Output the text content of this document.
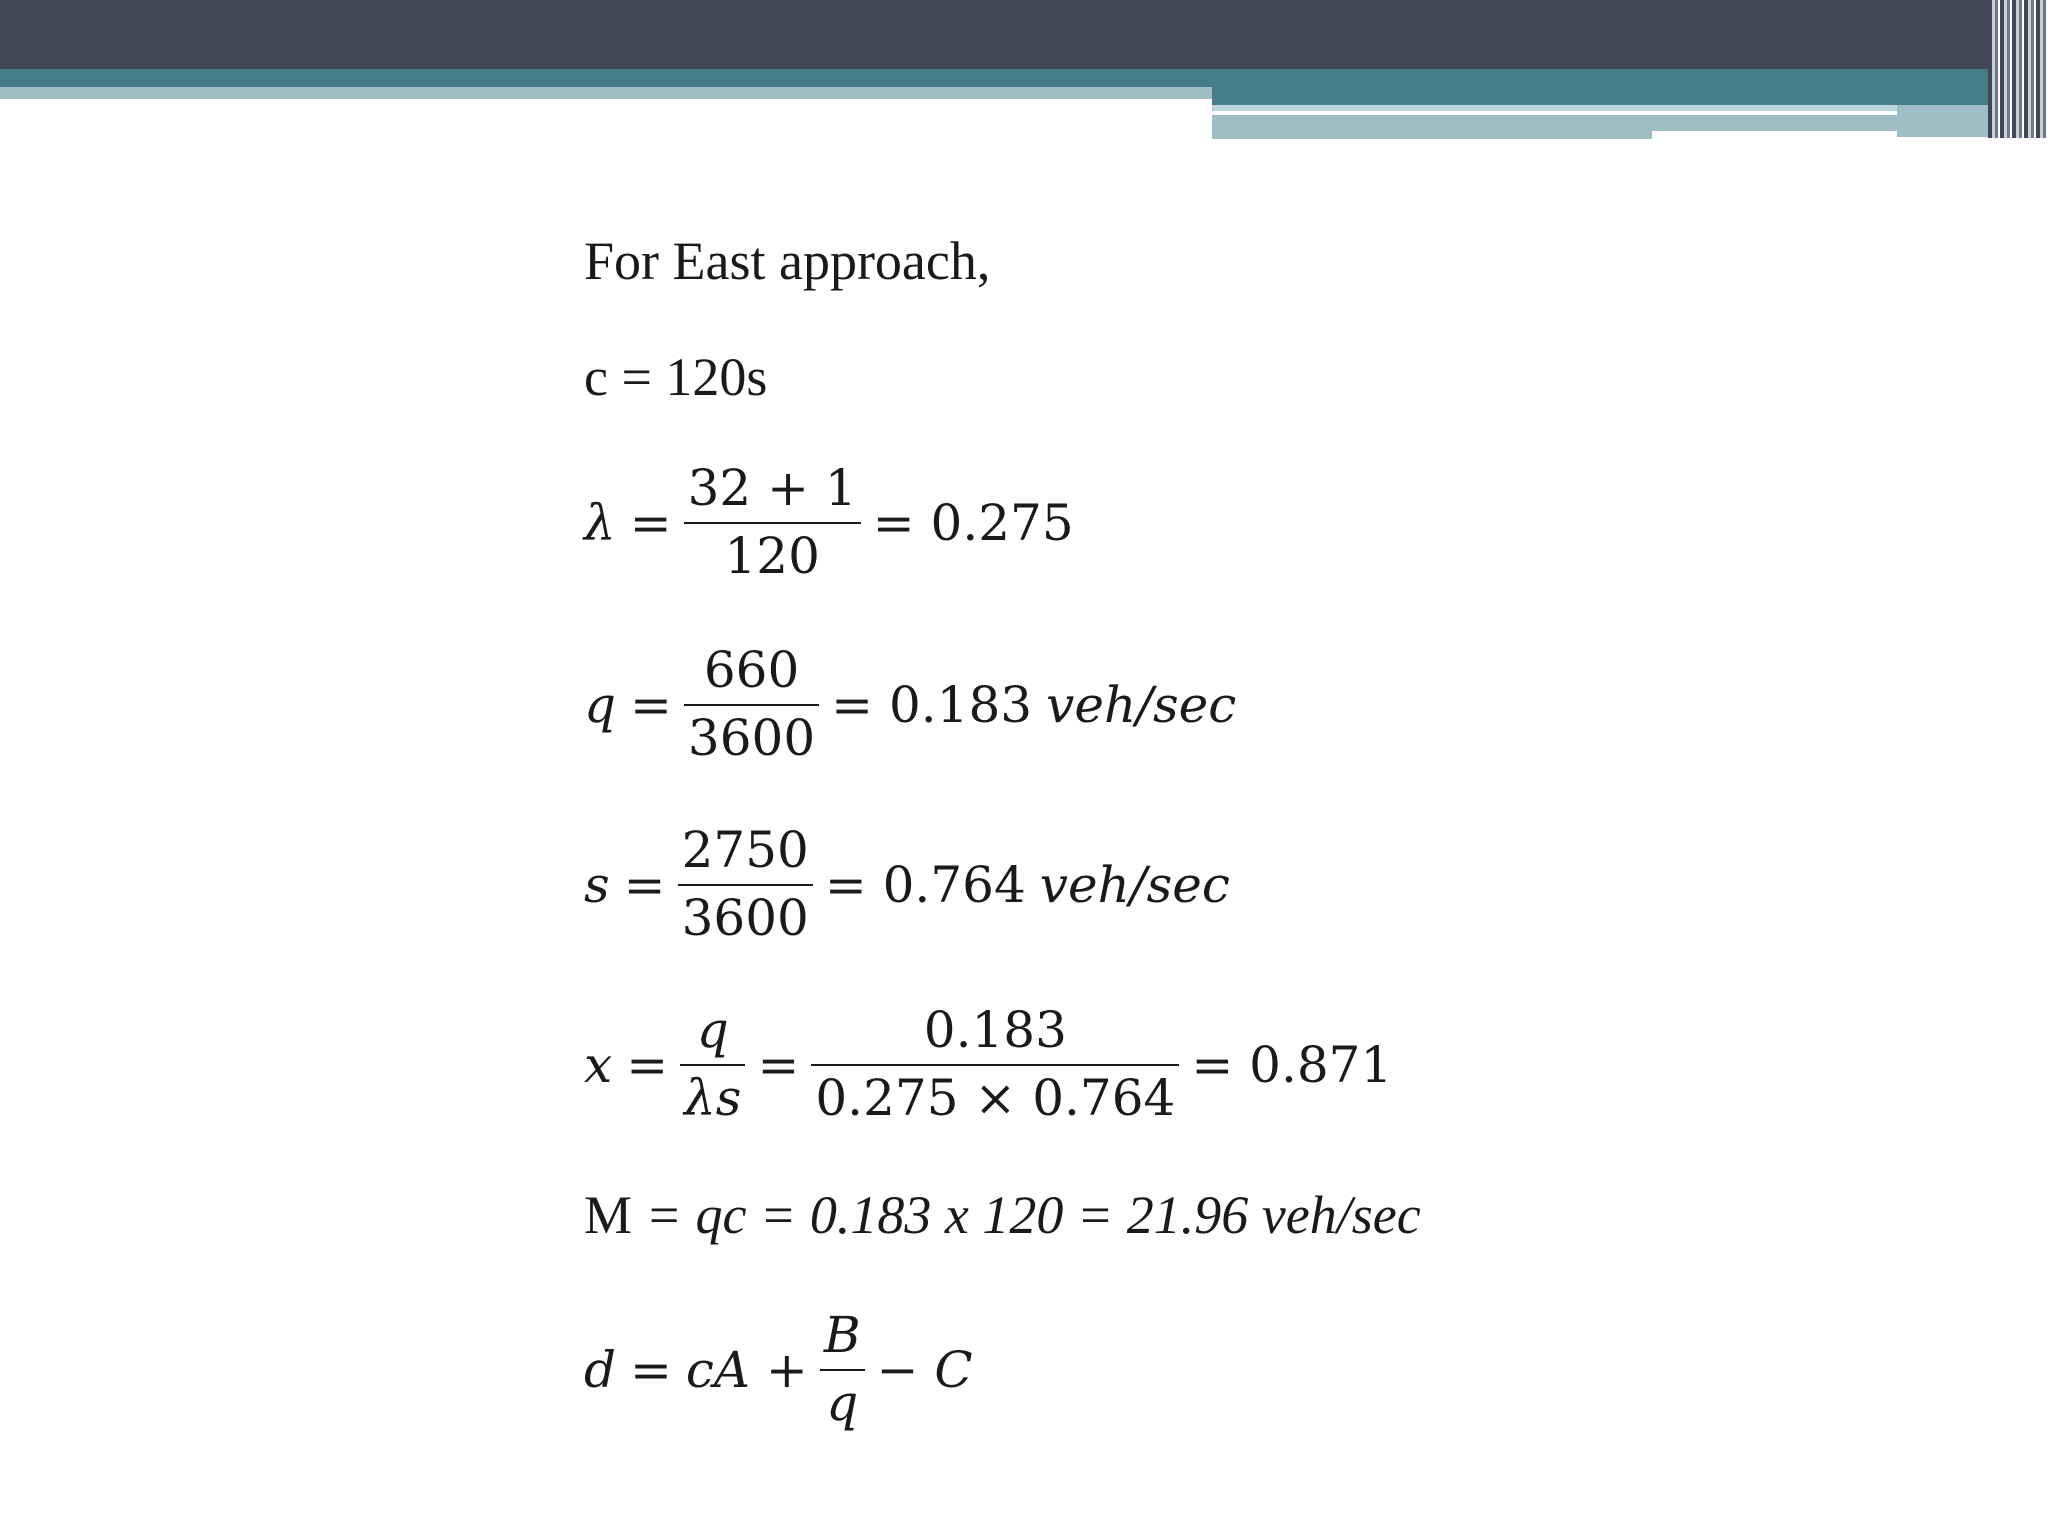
For East approach,
c = 120s
$\lambda = \frac{32 + 1}{120} = 0.275$
$q = \frac{660}{3600} = 0.183$ veh/sec
$s = \frac{2750}{3600} = 0.764$ veh/sec
$x = \frac{q}{\lambda s} = \frac{0.183}{0.275 \times 0.764} = 0.871$
M = qc = 0.183 x 120 = 21.96 veh/sec
d = cA + $\frac{B}{q} - C$
